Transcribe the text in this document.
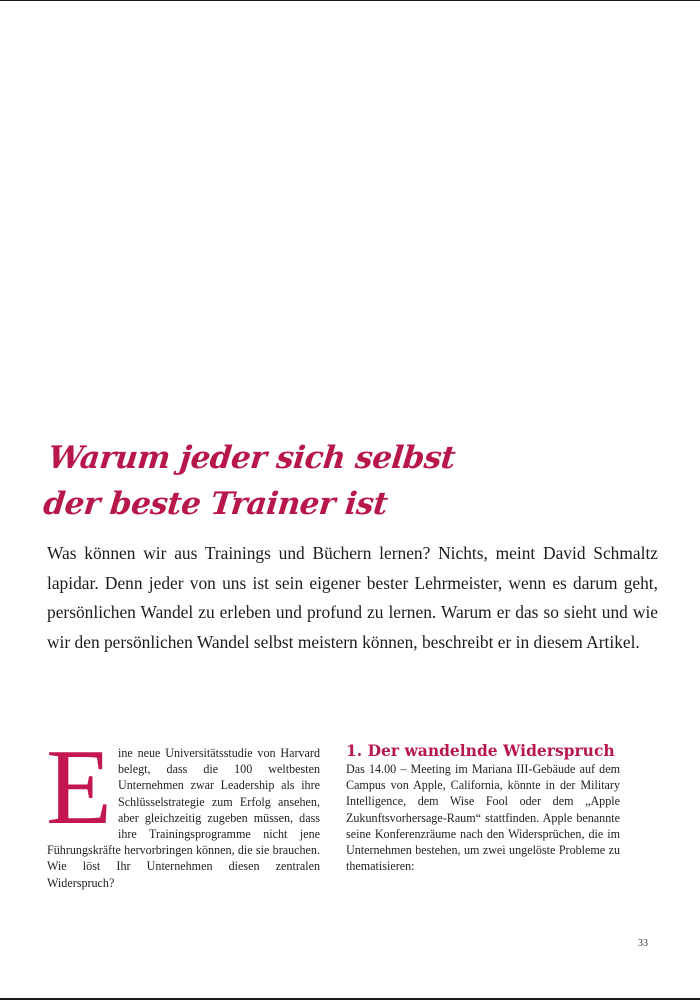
Warum jeder sich selbst
der beste Trainer ist

Was können wir aus Trainings und Büchern lernen? Nichts, meint David Schmaltz lapidar. Denn jeder von uns ist sein eigener bester Lehrmeister, wenn es darum geht, persönlichen Wandel zu erleben und profund zu lernen. Warum er das so sieht und wie wir den persönlichen Wandel selbst meistern können, beschreibt er in diesem Artikel.

E ine neue Universitätsstudie von Harvard belegt, dass die 100 weltbesten Unternehmen zwar Leadership als ihre Schlüsselstrategie zum Erfolg ansehen, aber gleichzeitig zugeben müssen, dass ihre Trainingsprogramme nicht jene Führungskräfte hervorbringen können, die sie brauchen. Wie löst Ihr Unternehmen diesen zentralen Widerspruch?

1. Der wandelnde Widerspruch

Das 14.00 – Meeting im Mariana III-Gebäude auf dem Campus von Apple, California, könnte in der Military Intelligence, dem Wise Fool oder dem „Apple Zukunftsvorhersage-Raum“ stattfinden. Apple benannte seine Konferenzräume nach den Widersprüchen, die im Unternehmen bestehen, um zwei ungelöste Probleme zu thematisieren:

33
